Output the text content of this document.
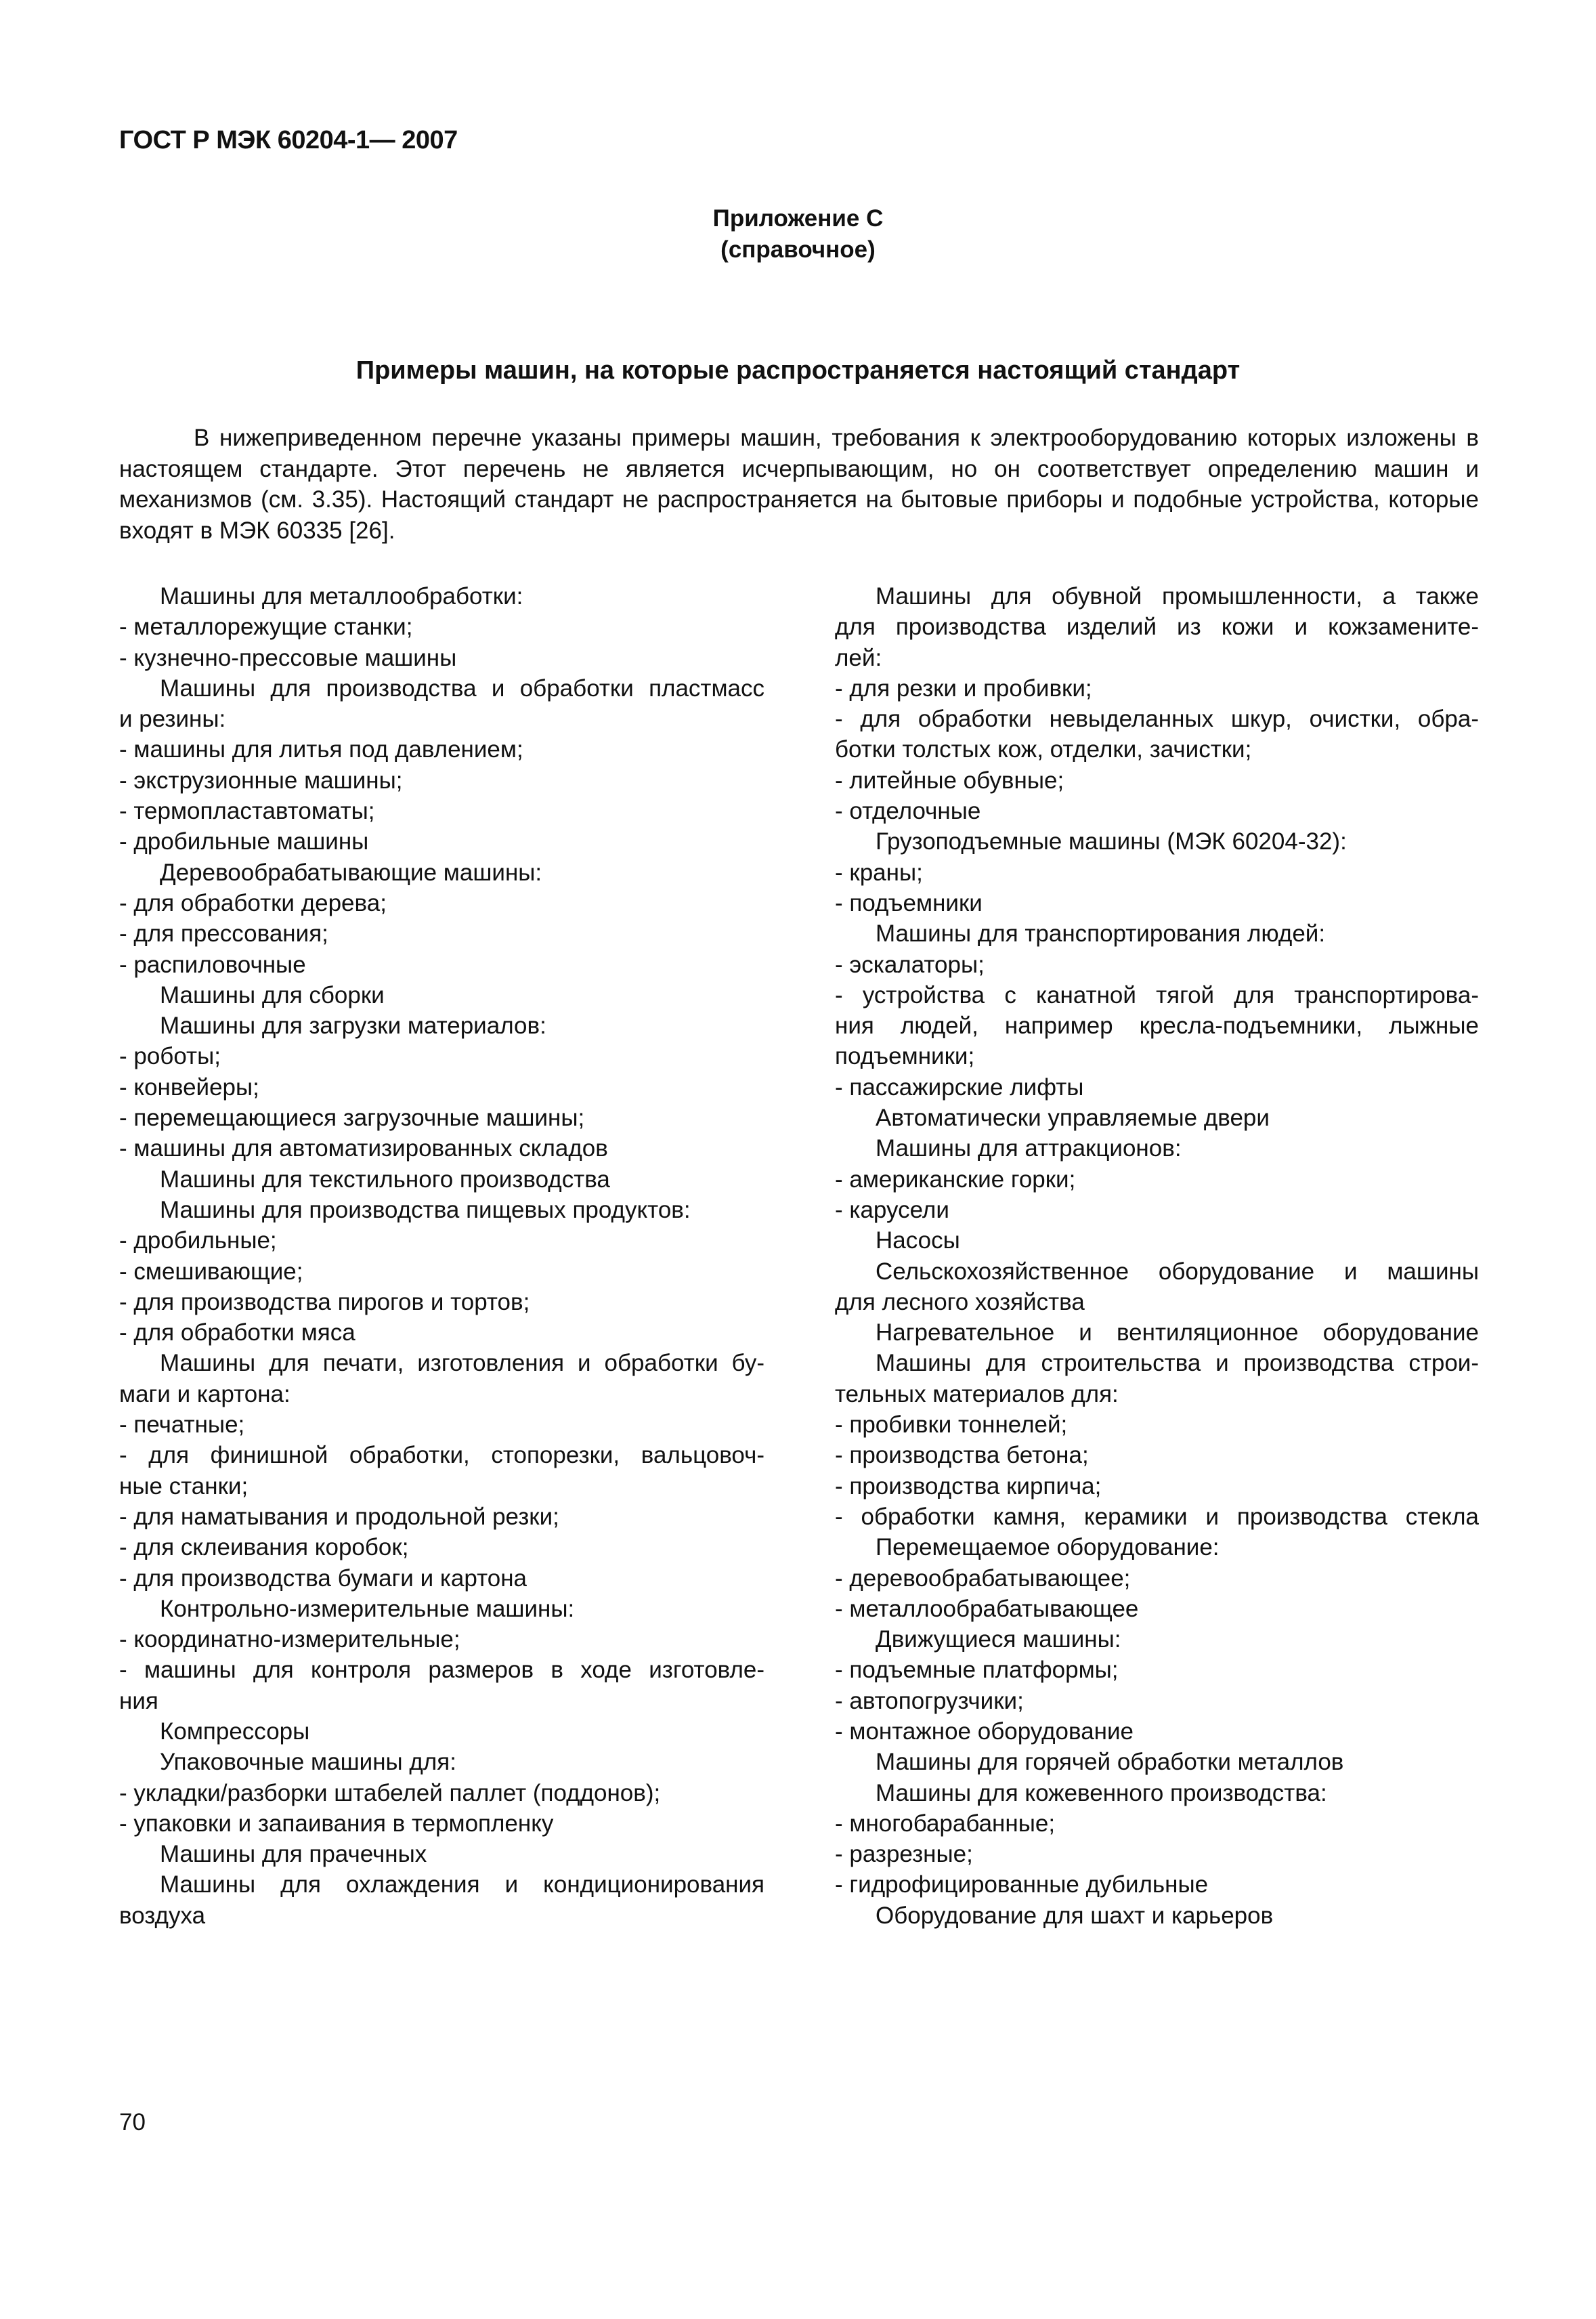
ГОСТ Р МЭК 60204-1— 2007
Приложение С
(справочное)
Примеры машин, на которые распространяется настоящий стандарт

В нижеприведенном перечне указаны примеры машин, требования к электрооборудованию которых изложены в настоящем стандарте. Этот перечень не является исчерпывающим, но он соответствует определению машин и механизмов (см. 3.35). Настоящий стандарт не распространяется на бытовые приборы и подобные устройства, которые входят в МЭК 60335 [26].

Машины для металлообработки:
- металлорежущие станки;
- кузнечно-прессовые машины
Машины для производства и обработки пластмасс
и резины:
- машины для литья под давлением;
- экструзионные машины;
- термопластавтоматы;
- дробильные машины
Деревообрабатывающие машины:
- для обработки дерева;
- для прессования;
- распиловочные
Машины для сборки
Машины для загрузки материалов:
- роботы;
- конвейеры;
- перемещающиеся загрузочные машины;
- машины для автоматизированных складов
Машины для текстильного производства
Машины для производства пищевых продуктов:
- дробильные;
- смешивающие;
- для производства пирогов и тортов;
- для обработки мяса
Машины для печати, изготовления и обработки бу-
маги и картона:
- печатные;
- для финишной обработки, стопорезки, вальцовоч-
ные станки;
- для наматывания и продольной резки;
- для склеивания коробок;
- для производства бумаги и картона
Контрольно-измерительные машины:
- координатно-измерительные;
- машины для контроля размеров в ходе изготовле-
ния
Компрессоры
Упаковочные машины для:
- укладки/разборки штабелей паллет (поддонов);
- упаковки и запаивания в термопленку
Машины для прачечных
Машины для охлаждения и кондиционирования
воздуха
Машины для обувной промышленности, а также
для производства изделий из кожи и кожзамените-
лей:
- для резки и пробивки;
- для обработки невыделанных шкур, очистки, обра-
ботки толстых кож, отделки, зачистки;
- литейные обувные;
- отделочные
Грузоподъемные машины (МЭК 60204-32):
- краны;
- подъемники
Машины для транспортирования людей:
- эскалаторы;
- устройства с канатной тягой для транспортирова-
ния людей, например кресла-подъемники, лыжные
подъемники;
- пассажирские лифты
Автоматически управляемые двери
Машины для аттракционов:
- американские горки;
- карусели
Насосы
Сельскохозяйственное оборудование и машины
для лесного хозяйства
Нагревательное и вентиляционное оборудование
Машины для строительства и производства строи-
тельных материалов для:
- пробивки тоннелей;
- производства бетона;
- производства кирпича;
- обработки камня, керамики и производства стекла
Перемещаемое оборудование:
- деревообрабатывающее;
- металлообрабатывающее
Движущиеся машины:
- подъемные платформы;
- автопогрузчики;
- монтажное оборудование
Машины для горячей обработки металлов
Машины для кожевенного производства:
- многобарабанные;
- разрезные;
- гидрофицированные дубильные
Оборудование для шахт и карьеров
70
